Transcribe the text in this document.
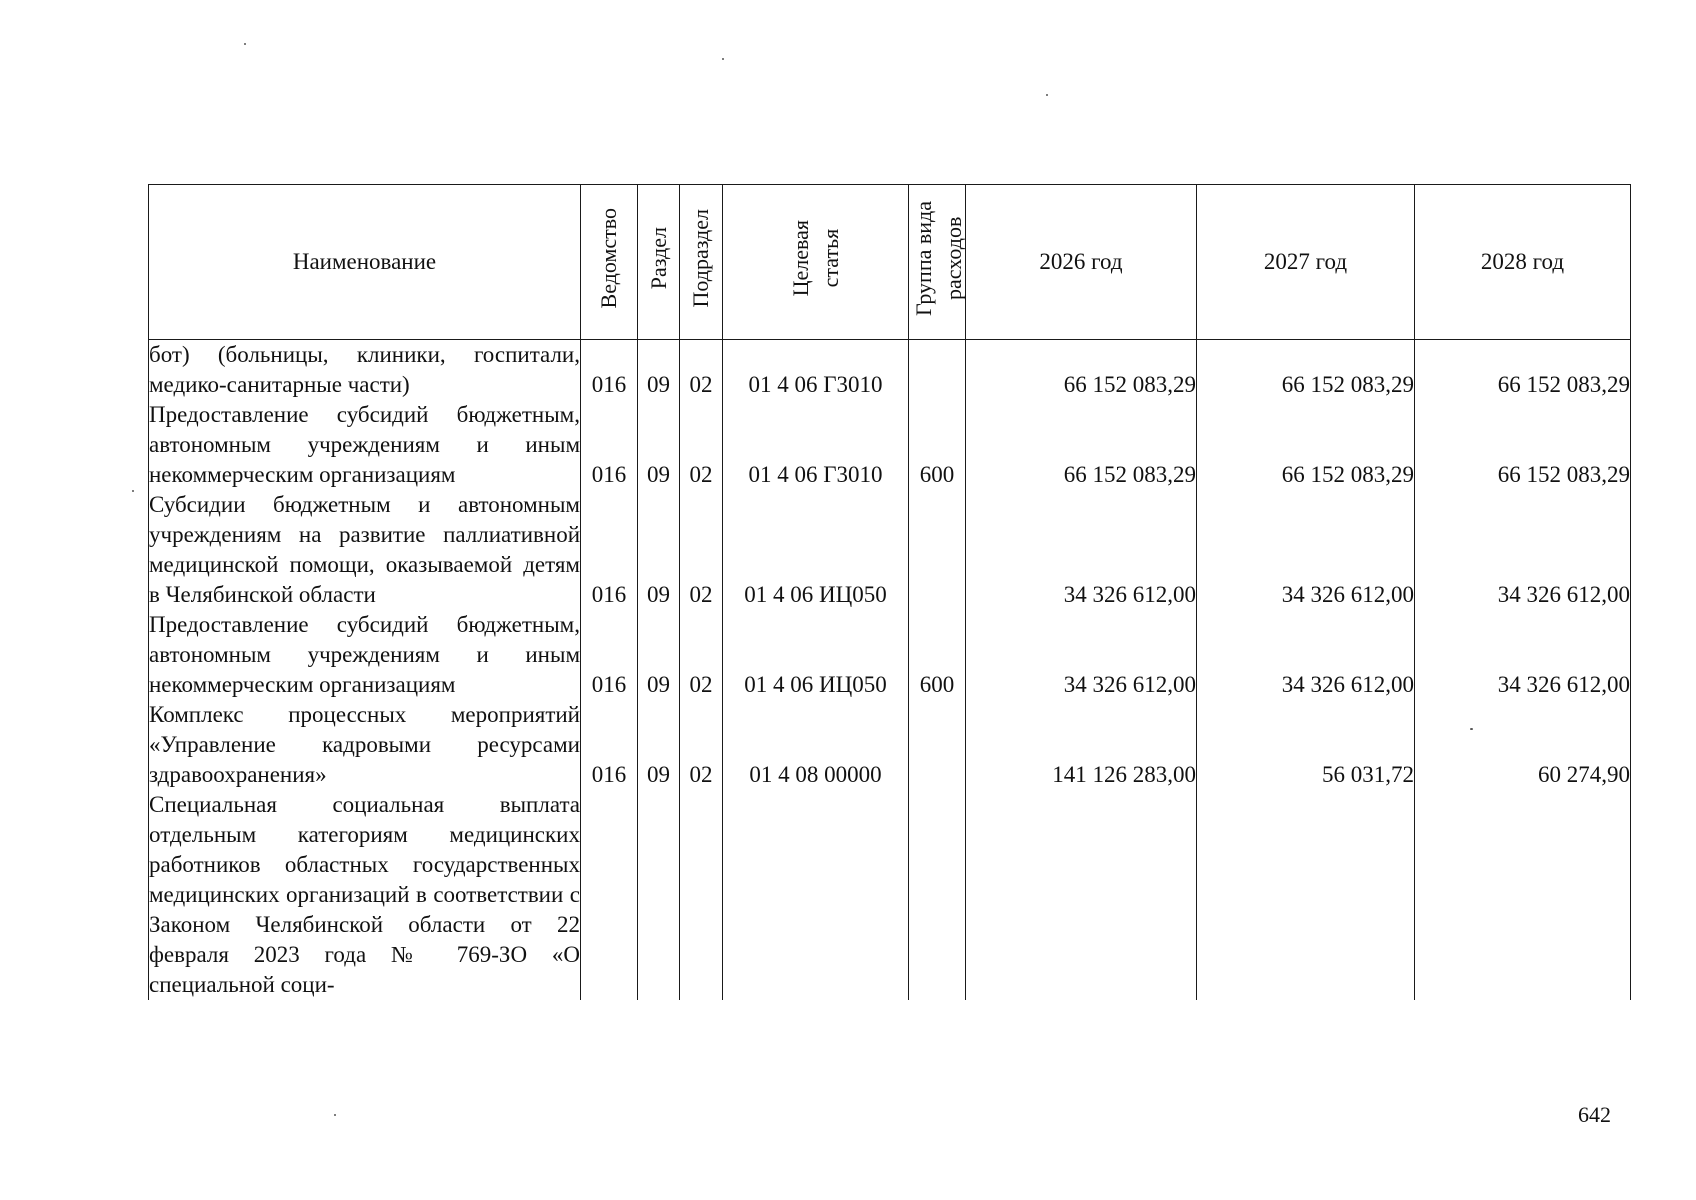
Наименование	Ведомство	Раздел	Подраздел	Целевая
статья	Группа вида
расходов	2026 год	2027 год	2028 год
бот) (больницы, клиники, госпитали, медико-санитарные части)	016	09	02	01 4 06 Г3010		66 152 083,29	66 152 083,29	66 152 083,29
Предоставление субсидий бюджетным, автономным учреждениям и иным некоммерческим организациям	016	09	02	01 4 06 Г3010	600	66 152 083,29	66 152 083,29	66 152 083,29
Субсидии бюджетным и автономным учреждениям на развитие паллиативной медицинской помощи, оказываемой детям в Челябинской области	016	09	02	01 4 06 ИЦ050		34 326 612,00	34 326 612,00	34 326 612,00
Предоставление субсидий бюджетным, автономным учреждениям и иным некоммерческим организациям	016	09	02	01 4 06 ИЦ050	600	34 326 612,00	34 326 612,00	34 326 612,00
Комплекс процессных мероприятий «Управление кадровыми ресурсами здравоохранения»	016	09	02	01 4 08 00000		141 126 283,00	56 031,72	60 274,90
Специальная социальная выплата отдельным категориям медицинских работников областных государственных медицинских организаций в соответствии с Законом Челябинской области от 22 февраля 2023 года № 769-ЗО «О специальной соци-								
642
